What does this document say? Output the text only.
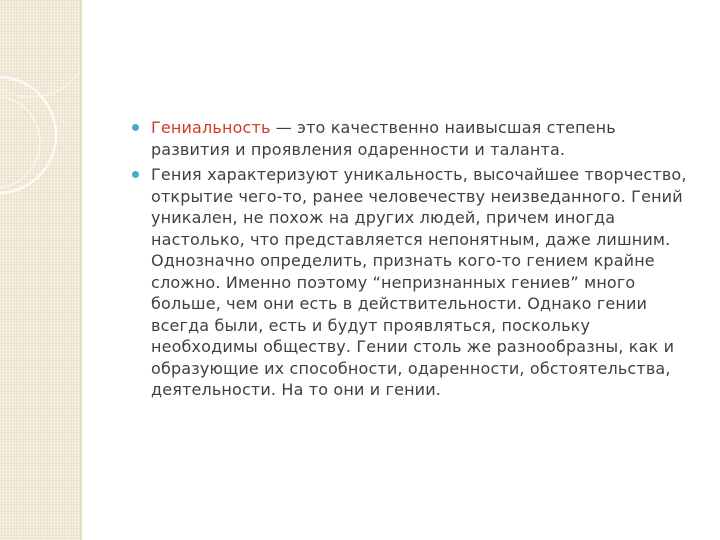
Гениальность — это качественно наивысшая степень развития и проявления одаренности и таланта.
Гения характеризуют уникальность, высочайшее творчество, открытие чего-то, ранее человечеству неизведанного. Гений уникален, не похож на других людей, причем иногда настолько, что представляется непонятным, даже лишним. Однозначно определить, признать кого-то гением крайне сложно. Именно поэтому “непризнанных гениев” много больше, чем они есть в действительности. Однако гении всегда были, есть и будут проявляться, поскольку необходимы обществу. Гении столь же разнообразны, как и образующие их способности, одаренности, обстоятельства, деятельности. На то они и гении.
